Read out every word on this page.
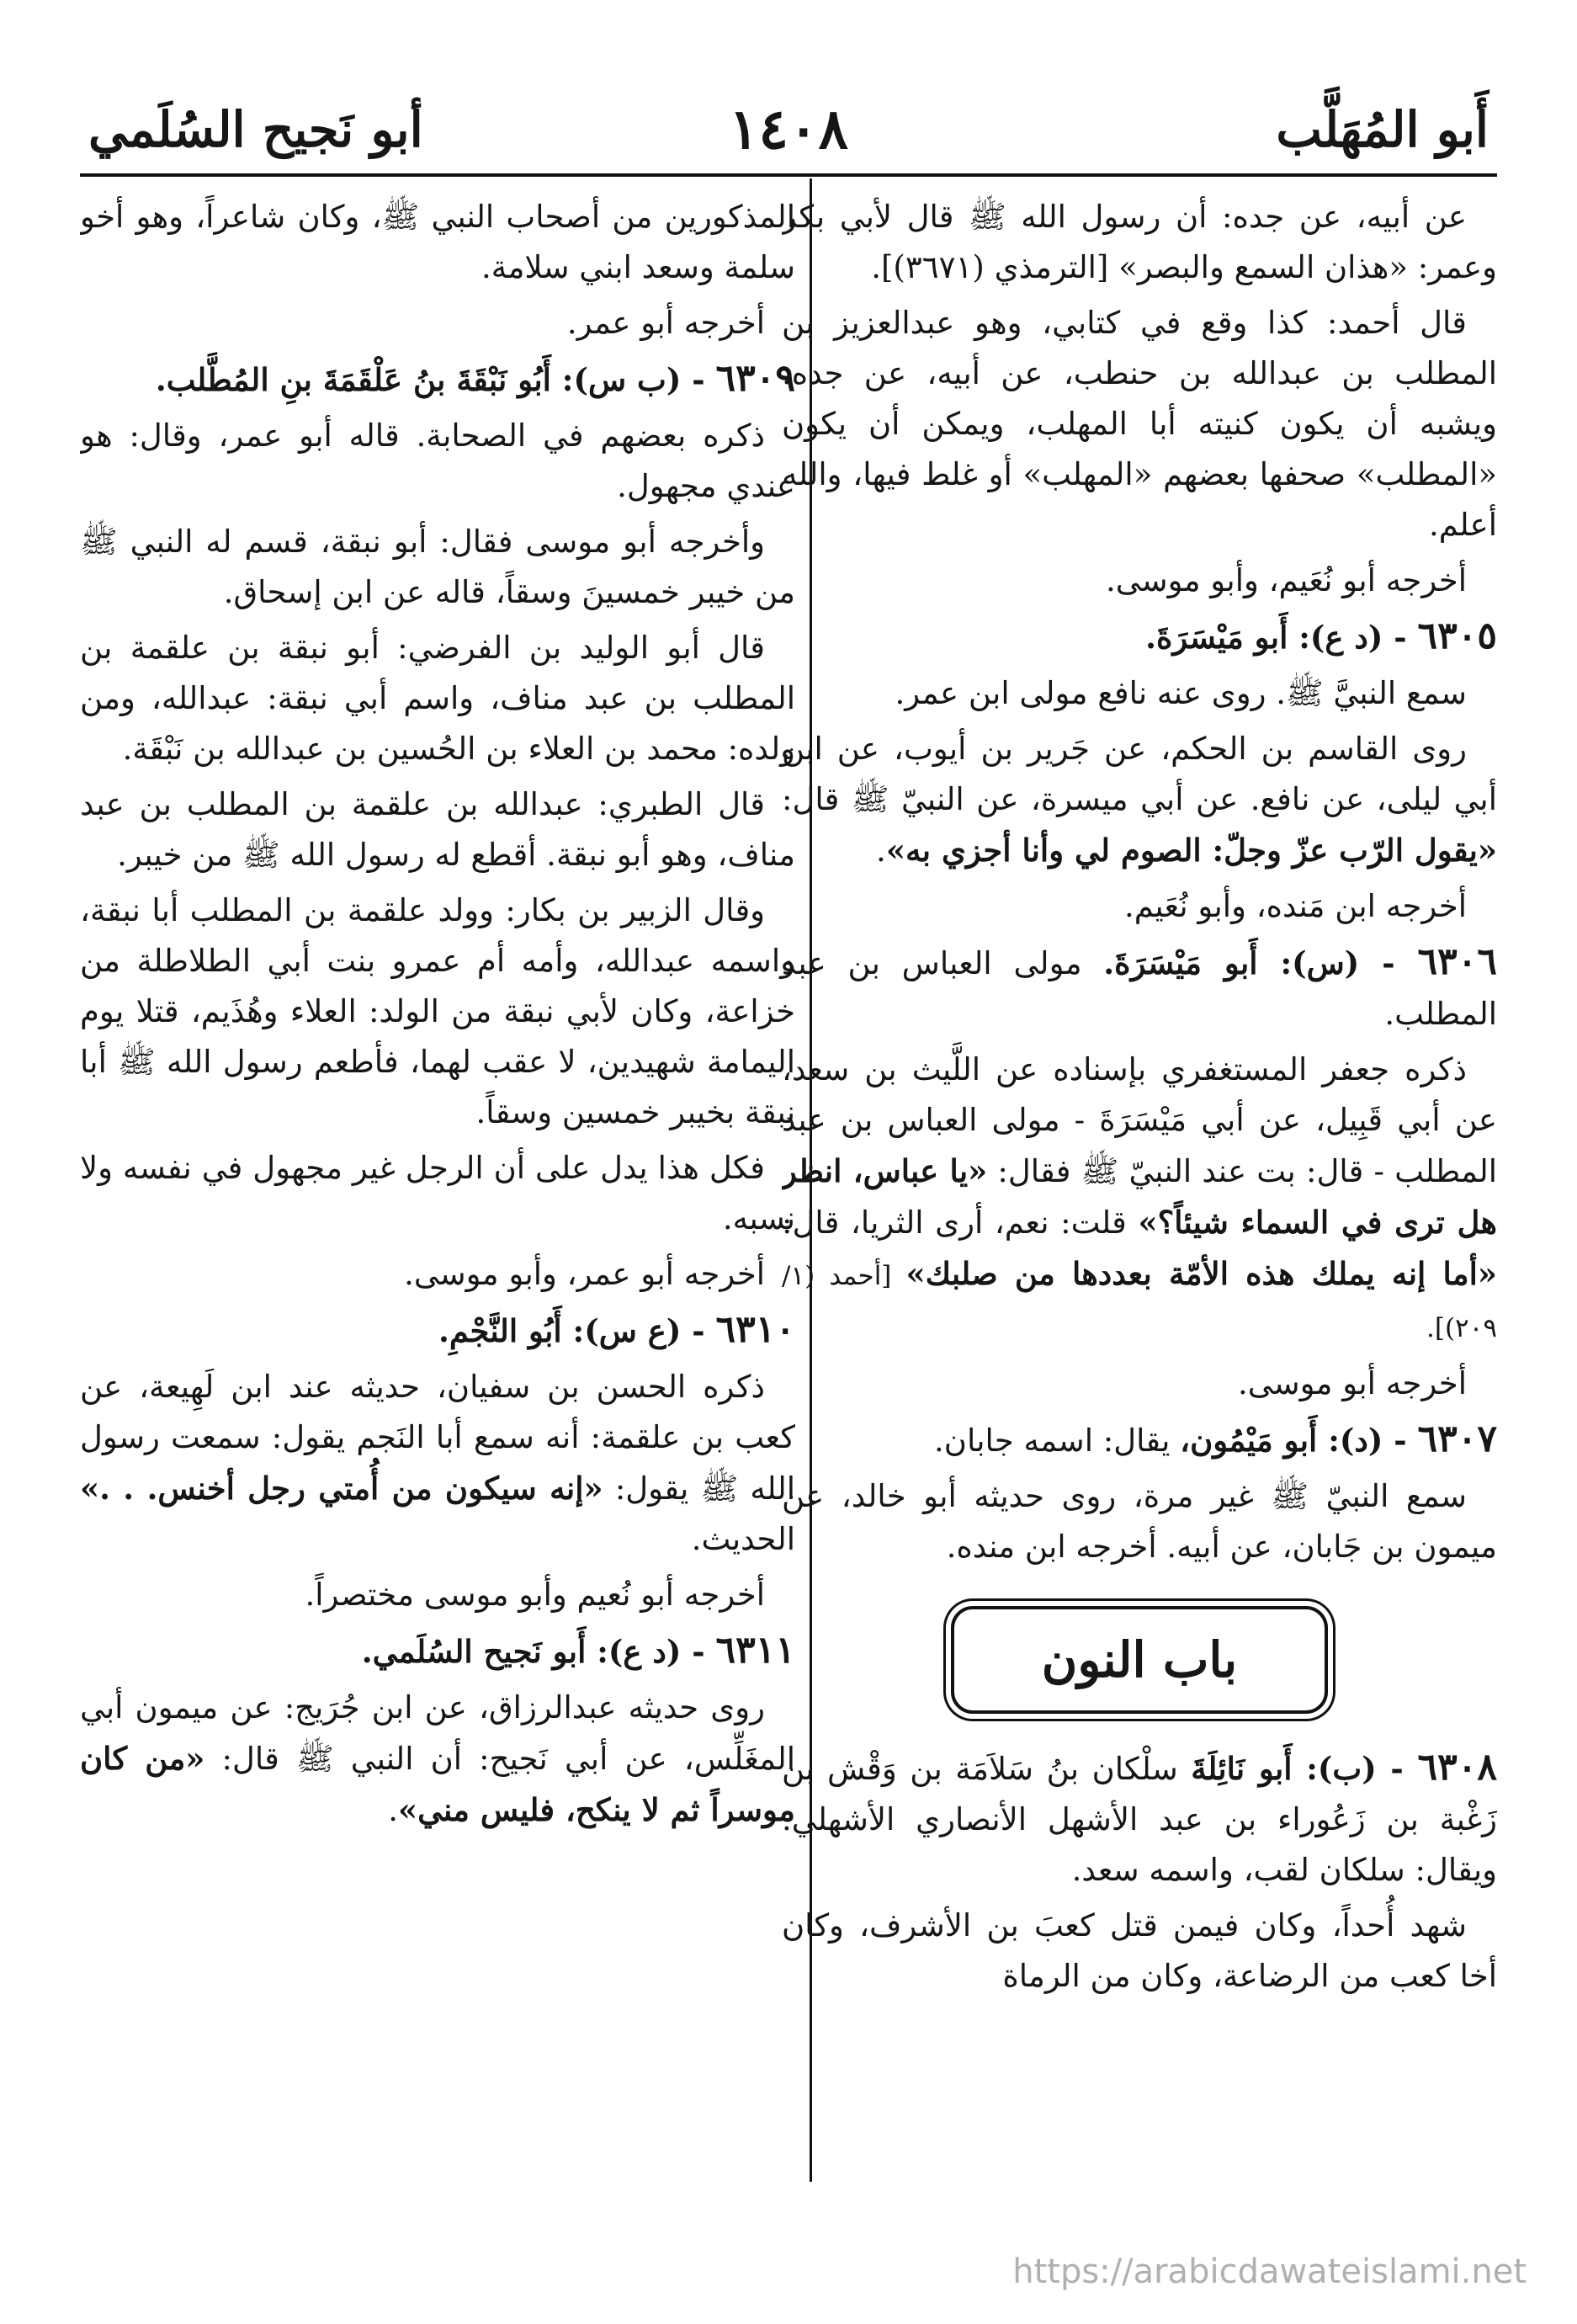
أَبو المُهَلَّب
١٤٠٨
أبو نَجيح السُلَمي

عن أبيه، عن جده: أن رسول الله ﷺ قال لأبي بكر وعمر: «هذان السمع والبصر» [الترمذي (٣٦٧١)].

قال أحمد: كذا وقع في كتابي، وهو عبدالعزيز بن المطلب بن عبدالله بن حنطب، عن أبيه، عن جده. ويشبه أن يكون كنيته أبا المهلب، ويمكن أن يكون «المطلب» صحفها بعضهم «المهلب» أو غلط فيها، والله أعلم.

أخرجه أبو نُعَيم، وأبو موسى.

٦٣٠٥ - (د ع): أَبو مَيْسَرَةَ.

سمع النبيَّ ﷺ. روى عنه نافع مولى ابن عمر.

روى القاسم بن الحكم، عن جَرير بن أيوب، عن ابن أبي ليلى، عن نافع. عن أبي ميسرة، عن النبيّ ﷺ قال: «يقول الرّب عزّ وجلّ: الصوم لي وأنا أجزي به».

أخرجه ابن مَنده، وأبو نُعَيم.

٦٣٠٦ - (س): أَبو مَيْسَرَةَ. مولى العباس بن عبد المطلب.

ذكره جعفر المستغفري بإسناده عن اللَّيث بن سعد، عن أبي قَبِيل، عن أبي مَيْسَرَةَ - مولى العباس بن عبد المطلب - قال: بت عند النبيّ ﷺ فقال: «يا عباس، انظر هل ترى في السماء شيئاً؟» قلت: نعم، أرى الثريا، قال: «أما إنه يملك هذه الأمّة بعددها من صلبك» [أحمد (١/ ٢٠٩)].

أخرجه أبو موسى.

٦٣٠٧ - (د): أَبو مَيْمُون، يقال: اسمه جابان.

سمع النبيّ ﷺ غير مرة، روى حديثه أبو خالد، عن ميمون بن جَابان، عن أبيه. أخرجه ابن منده.

باب النون

٦٣٠٨ - (ب): أَبو نَائِلَةَ سلْكان بنُ سَلاَمَة بن وَقْش بن زَغْبة بن زَعُوراء بن عبد الأشهل الأنصاري الأشهلي. ويقال: سلكان لقب، واسمه سعد.

شهد أُحداً، وكان فيمن قتل كعبَ بن الأشرف، وكان أخا كعب من الرضاعة، وكان من الرماة

المذكورين من أصحاب النبي ﷺ، وكان شاعراً، وهو أخو سلمة وسعد ابني سلامة.

أخرجه أبو عمر.

٦٣٠٩ - (ب س): أَبُو نَبْقَةَ بنُ عَلْقَمَةَ بنِ المُطَّلب.

ذكره بعضهم في الصحابة. قاله أبو عمر، وقال: هو عندي مجهول.

وأخرجه أبو موسى فقال: أبو نبقة، قسم له النبي ﷺ من خيبر خمسينَ وسقاً، قاله عن ابن إسحاق.

قال أبو الوليد بن الفرضي: أبو نبقة بن علقمة بن المطلب بن عبد مناف، واسم أبي نبقة: عبدالله، ومن ولده: محمد بن العلاء بن الحُسين بن عبدالله بن نَبْقَة.

قال الطبري: عبدالله بن علقمة بن المطلب بن عبد مناف، وهو أبو نبقة. أقطع له رسول الله ﷺ من خيبر.

وقال الزبير بن بكار: وولد علقمة بن المطلب أبا نبقة، واسمه عبدالله، وأمه أم عمرو بنت أبي الطلاطلة من خزاعة، وكان لأبي نبقة من الولد: العلاء وهُذَيم، قتلا يوم اليمامة شهيدين، لا عقب لهما، فأطعم رسول الله ﷺ أبا نبقة بخيبر خمسين وسقاً.

فكل هذا يدل على أن الرجل غير مجهول في نفسه ولا نسبه.

أخرجه أبو عمر، وأبو موسى.

٦٣١٠ - (ع س): أَبُو النَّجْمِ.

ذكره الحسن بن سفيان، حديثه عند ابن لَهِيعة، عن كعب بن علقمة: أنه سمع أبا النَجم يقول: سمعت رسول الله ﷺ يقول: «إنه سيكون من أُمتي رجل أخنس. . .» الحديث.

أخرجه أبو نُعيم وأبو موسى مختصراً.

٦٣١١ - (د ع): أَبو نَجيح السُلَمي.

روى حديثه عبدالرزاق، عن ابن جُرَيج: عن ميمون أبي المغَلِّس، عن أبي نَجيح: أن النبي ﷺ قال: «من كان موسراً ثم لا ينكح، فليس مني».

https://arabicdawateislami.net
